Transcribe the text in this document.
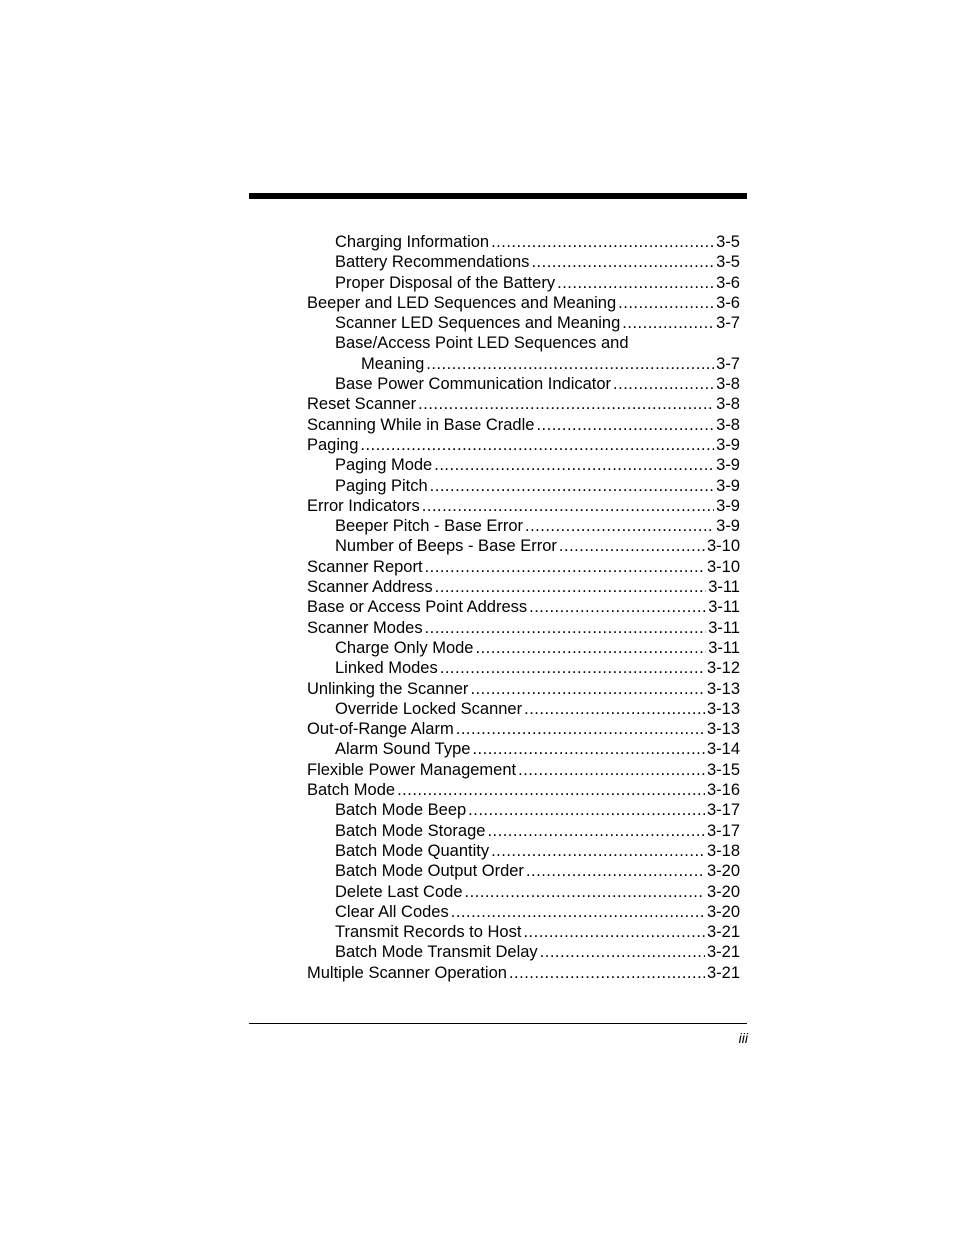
Charging Information .....	3-5
Battery Recommendations .....	3-5
Proper Disposal of the Battery .....	3-6
Beeper and LED Sequences and Meaning .....	3-6
Scanner LED Sequences and Meaning .....	3-7
Base/Access Point LED Sequences and
Meaning .....	3-7
Base Power Communication Indicator .....	3-8
Reset Scanner .....	3-8
Scanning While in Base Cradle .....	3-8
Paging .....	3-9
Paging Mode .....	3-9
Paging Pitch .....	3-9
Error Indicators .....	3-9
Beeper Pitch - Base Error .....	3-9
Number of Beeps - Base Error .....	3-10
Scanner Report .....	3-10
Scanner Address .....	3-11
Base or Access Point Address .....	3-11
Scanner Modes .....	3-11
Charge Only Mode .....	3-11
Linked Modes .....	3-12
Unlinking the Scanner .....	3-13
Override Locked Scanner .....	3-13
Out-of-Range Alarm .....	3-13
Alarm Sound Type .....	3-14
Flexible Power Management .....	3-15
Batch Mode .....	3-16
Batch Mode Beep .....	3-17
Batch Mode Storage .....	3-17
Batch Mode Quantity .....	3-18
Batch Mode Output Order .....	3-20
Delete Last Code .....	3-20
Clear All Codes .....	3-20
Transmit Records to Host .....	3-21
Batch Mode Transmit Delay .....	3-21
Multiple Scanner Operation .....	3-21
iii
